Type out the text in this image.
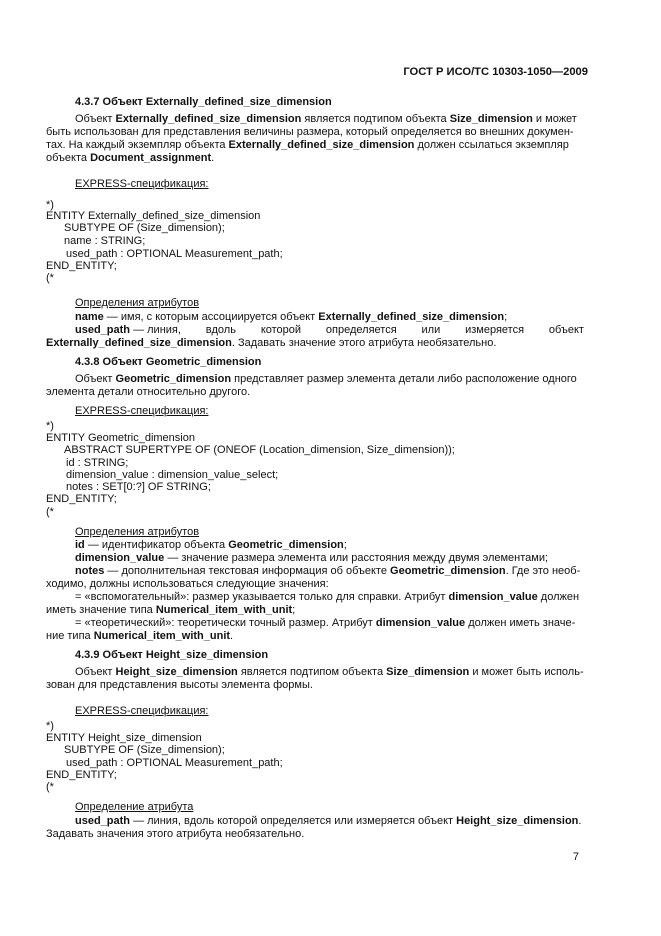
ГОСТ Р ИСО/ТС 10303-1050—2009
4.3.7 Объект Externally_defined_size_dimension
Объект Externally_defined_size_dimension является подтипом объекта Size_dimension и может
быть использован для представления величины размера, который определяется во внешних докумен-
тах. На каждый экземпляр объекта Externally_defined_size_dimension должен ссылаться экземпляр
объекта Document_assignment.
EXPRESS-спецификация:
*)
ENTITY Externally_defined_size_dimension
SUBTYPE OF (Size_dimension);
name : STRING;
used_path : OPTIONAL Measurement_path;
END_ENTITY;
(*
Определения атрибутов
name — имя, с которым ассоциируется объект Externally_defined_size_dimension;
used_path — линия, вдоль которой определяется или измеряется объект
Externally_defined_size_dimension. Задавать значение этого атрибута необязательно.
4.3.8 Объект Geometric_dimension
Объект Geometric_dimension представляет размер элемента детали либо расположение одного
элемента детали относительно другого.
EXPRESS-спецификация:
*)
ENTITY Geometric_dimension
ABSTRACT SUPERTYPE OF (ONEOF (Location_dimension, Size_dimension));
id : STRING;
dimension_value : dimension_value_select;
notes : SET[0:?] OF STRING;
END_ENTITY;
(*
Определения атрибутов
id — идентификатор объекта Geometric_dimension;
dimension_value — значение размера элемента или расстояния между двумя элементами;
notes — дополнительная текстовая информация об объекте Geometric_dimension. Где это необ-
ходимо, должны использоваться следующие значения:
= «вспомогательный»: размер указывается только для справки. Атрибут dimension_value должен
иметь значение типа Numerical_item_with_unit;
= «теоретический»: теоретически точный размер. Атрибут dimension_value должен иметь значе-
ние типа Numerical_item_with_unit.
4.3.9 Объект Height_size_dimension
Объект Height_size_dimension является подтипом объекта Size_dimension и может быть исполь-
зован для представления высоты элемента формы.
EXPRESS-спецификация:
*)
ENTITY Height_size_dimension
SUBTYPE OF (Size_dimension);
used_path : OPTIONAL Measurement_path;
END_ENTITY;
(*
Определение атрибута
used_path — линия, вдоль которой определяется или измеряется объект Height_size_dimension.
Задавать значения этого атрибута необязательно.
7
